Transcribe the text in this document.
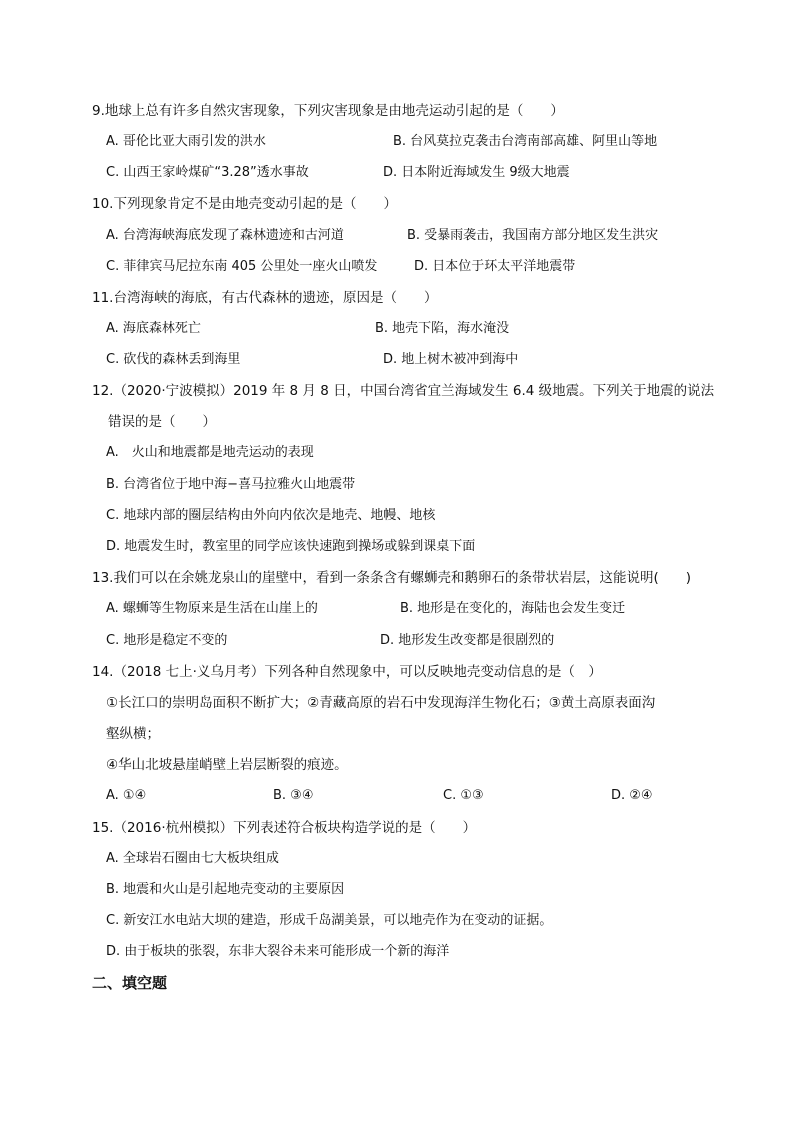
9.地球上总有许多自然灾害现象，下列灾害现象是由地壳运动引起的是（　　）
A. 哥伦比亚大雨引发的洪水	B. 台风莫拉克袭击台湾南部高雄、阿里山等地
C. 山西王家岭煤矿“3.28”透水事故	D. 日本附近海域发生 9级大地震
10.下列现象肯定不是由地壳变动引起的是（　　）
A. 台湾海峡海底发现了森林遗迹和古河道	B. 受暴雨袭击，我国南方部分地区发生洪灾
C. 菲律宾马尼拉东南 405 公里处一座火山喷发	D. 日本位于环太平洋地震带
11.台湾海峡的海底，有古代森林的遗迹，原因是（　　）
A. 海底森林死亡	B. 地壳下陷，海水淹没
C. 砍伐的森林丢到海里	D. 地上树木被冲到海中
12.（2020·宁波模拟）2019 年 8 月 8 日，中国台湾省宜兰海域发生 6.4 级地震。下列关于地震的说法
错误的是（　　）
A.　火山和地震都是地壳运动的表现
B. 台湾省位于地中海−喜马拉雅火山地震带
C. 地球内部的圈层结构由外向内依次是地壳、地幔、地核
D. 地震发生时，教室里的同学应该快速跑到操场或躲到课桌下面
13.我们可以在余姚龙泉山的崖壁中，看到一条条含有螺蛳壳和鹅卵石的条带状岩层，这能说明(　　)
A. 螺蛳等生物原来是生活在山崖上的	B. 地形是在变化的，海陆也会发生变迁
C. 地形是稳定不变的	D. 地形发生改变都是很剧烈的
14.（2018 七上·义乌月考）下列各种自然现象中，可以反映地壳变动信息的是（　）
①长江口的崇明岛面积不断扩大；②青藏高原的岩石中发现海洋生物化石；③黄土高原表面沟
壑纵横；
④华山北坡悬崖峭壁上岩层断裂的痕迹。
A. ①④	B. ③④	C. ①③	D. ②④
15.（2016·杭州模拟）下列表述符合板块构造学说的是（　　）
A. 全球岩石圈由七大板块组成
B. 地震和火山是引起地壳变动的主要原因
C. 新安江水电站大坝的建造，形成千岛湖美景，可以地壳作为在变动的证据。
D. 由于板块的张裂，东非大裂谷未来可能形成一个新的海洋
二、填空题
